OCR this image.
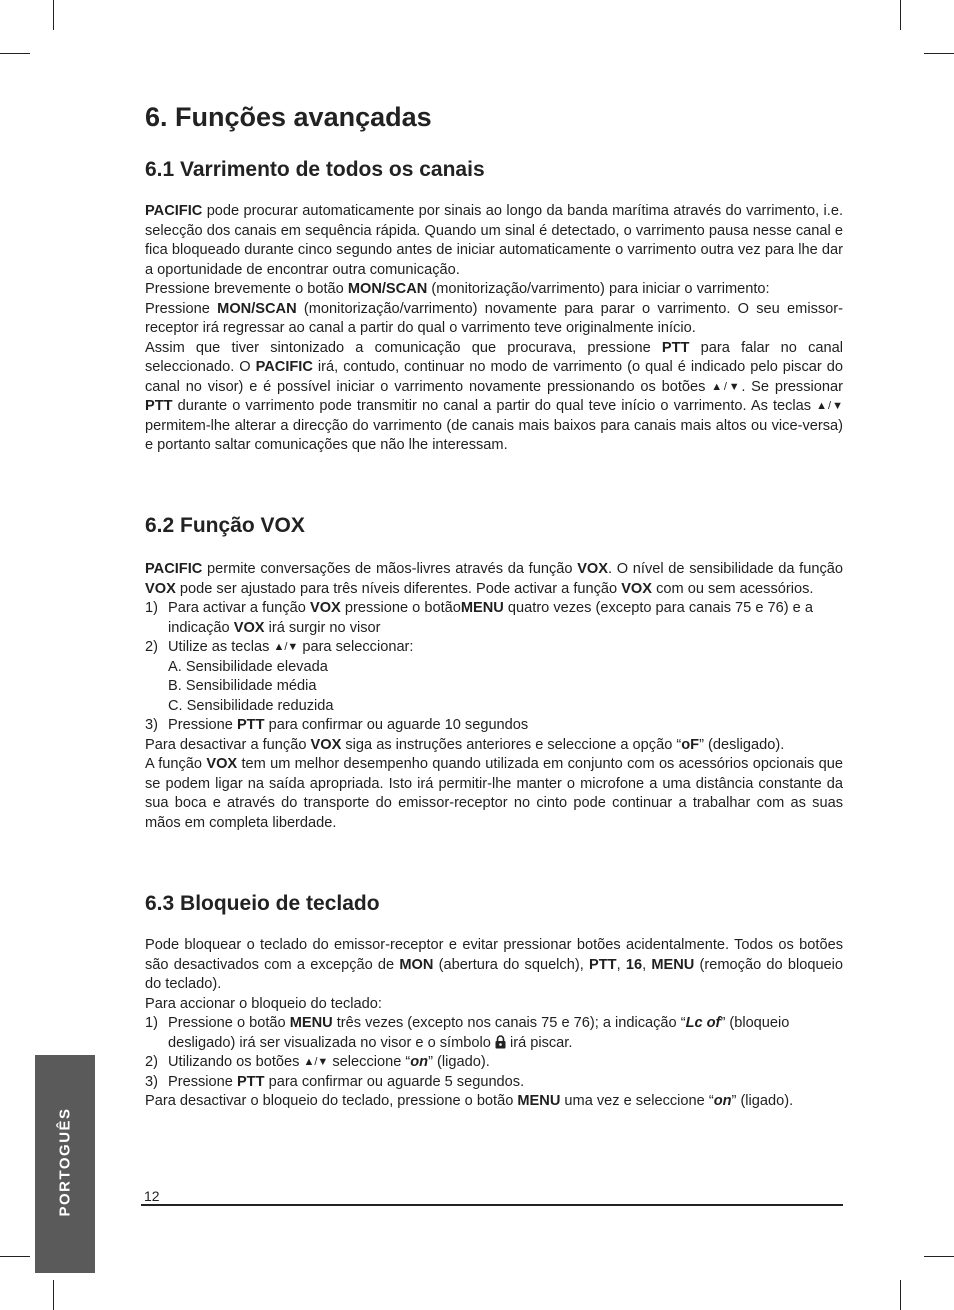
6. Funções avançadas
6.1 Varrimento de todos os canais

PACIFIC pode procurar automaticamente por sinais ao longo da banda marítima através do varrimento, i.e. selecção dos canais em sequência rápida. Quando um sinal é detectado, o varrimento pausa nesse canal e fica bloqueado durante cinco segundo antes de iniciar automaticamente o varrimento outra vez para lhe dar a oportunidade de encontrar outra comunicação.

Pressione brevemente o botão MON/SCAN (monitorização/varrimento) para iniciar o varrimento:

Pressione MON/SCAN (monitorização/varrimento) novamente para parar o varrimento. O seu emissor-receptor irá regressar ao canal a partir do qual o varrimento teve originalmente início.

Assim que tiver sintonizado a comunicação que procurava, pressione PTT para falar no canal seleccionado. O PACIFIC irá, contudo, continuar no modo de varrimento (o qual é indicado pelo piscar do canal no visor) e é possível iniciar o varrimento novamente pressionando os botões ▲/▼. Se pressionar PTT durante o varrimento pode transmitir no canal a partir do qual teve início o varrimento. As teclas ▲/▼ permitem-lhe alterar a direcção do varrimento (de canais mais baixos para canais mais altos ou vice-versa) e portanto saltar comunicações que não lhe interessam.

6.2 Função VOX

PACIFIC permite conversações de mãos-livres através da função VOX. O nível de sensibilidade da função VOX pode ser ajustado para três níveis diferentes. Pode activar a função VOX com ou sem acessórios.

1) Para activar a função VOX pressione o botãoMENU quatro vezes (excepto para canais 75 e 76) e a indicação VOX irá surgir no visor
2) Utilize as teclas ▲/▼ para seleccionar:
A. Sensibilidade elevada
B. Sensibilidade média
C. Sensibilidade reduzida
3) Pressione PTT para confirmar ou aguarde 10 segundos

Para desactivar a função VOX siga as instruções anteriores e seleccione a opção “oF” (desligado).

A função VOX tem um melhor desempenho quando utilizada em conjunto com os acessórios opcionais que se podem ligar na saída apropriada. Isto irá permitir-lhe manter o microfone a uma distância constante da sua boca e através do transporte do emissor-receptor no cinto pode continuar a trabalhar com as suas mãos em completa liberdade.

6.3 Bloqueio de teclado

Pode bloquear o teclado do emissor-receptor e evitar pressionar botões acidentalmente. Todos os botões são desactivados com a excepção de MON (abertura do squelch), PTT, 16, MENU (remoção do bloqueio do teclado).

Para accionar o bloqueio do teclado:

1) Pressione o botão MENU três vezes (excepto nos canais 75 e 76); a indicação “Lc of” (bloqueio desligado) irá ser visualizada no visor e o símbolo  irá piscar.
2) Utilizando os botões ▲/▼ seleccione “on” (ligado).
3) Pressione PTT para confirmar ou aguarde 5 segundos.

Para desactivar o bloqueio do teclado, pressione o botão MENU uma vez e seleccione “on” (ligado).

PORTOGUÊS	12
